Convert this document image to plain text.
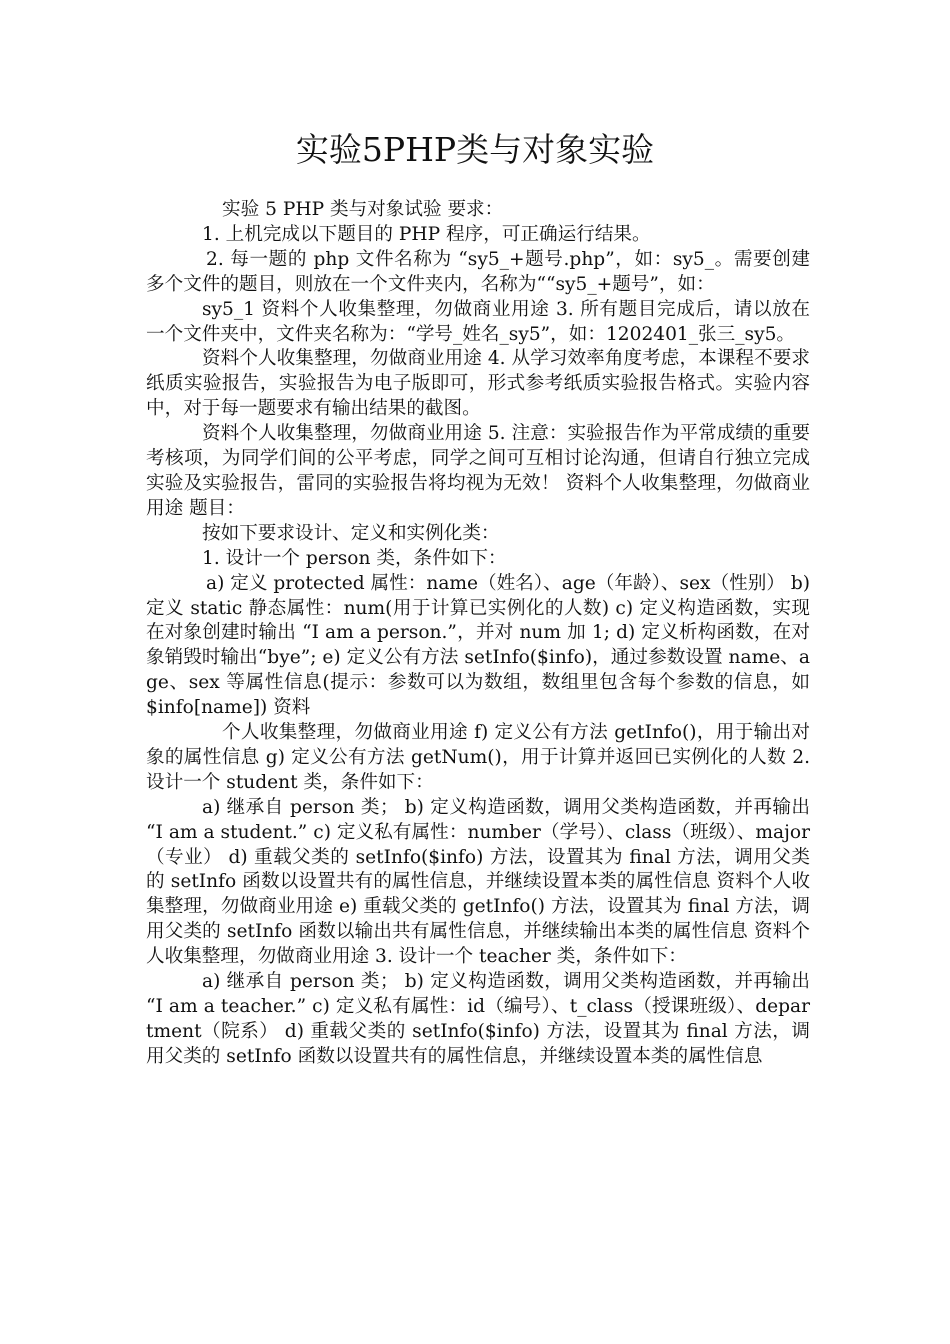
实验5PHP类与对象实验

实验 5 PHP 类与对象试验 要求：

1. 上机完成以下题目的 PHP 程序，可正确运行结果。

2. 每一题的 php 文件名称为 “sy5_+题号.php”，如：sy5_。需要创建多个文件的题目，则放在一个文件夹内，名称为““sy5_+题号”，如：

sy5_1 资料个人收集整理，勿做商业用途 3. 所有题目完成后，请以放在一个文件夹中，文件夹名称为：“学号_姓名_sy5”，如：1202401_张三_sy5。

资料个人收集整理，勿做商业用途 4. 从学习效率角度考虑，本课程不要求纸质实验报告，实验报告为电子版即可，形式参考纸质实验报告格式。实验内容中，对于每一题要求有输出结果的截图。

资料个人收集整理，勿做商业用途 5. 注意：实验报告作为平常成绩的重要考核项，为同学们间的公平考虑，同学之间可互相讨论沟通，但请自行独立完成实验及实验报告，雷同的实验报告将均视为无效！ 资料个人收集整理，勿做商业用途 题目：

按如下要求设计、定义和实例化类：

1. 设计一个 person 类，条件如下：

a) 定义 protected 属性：name（姓名）、age（年龄）、sex（性别） b) 定义 static 静态属性：num(用于计算已实例化的人数) c) 定义构造函数，实现在对象创建时输出 “I am a person.”，并对 num 加 1; d) 定义析构函数，在对象销毁时输出“bye”; e) 定义公有方法 setInfo($info)，通过参数设置 name、age、sex 等属性信息(提示：参数可以为数组，数组里包含每个参数的信息，如 $info[name]) 资料

个人收集整理，勿做商业用途 f) 定义公有方法 getInfo()，用于输出对象的属性信息 g) 定义公有方法 getNum()，用于计算并返回已实例化的人数 2. 设计一个 student 类，条件如下：

a) 继承自 person 类； b) 定义构造函数，调用父类构造函数，并再输出 “I am a student.” c) 定义私有属性：number（学号）、class（班级）、major（专业） d) 重载父类的 setInfo($info) 方法，设置其为 final 方法，调用父类的 setInfo 函数以设置共有的属性信息，并继续设置本类的属性信息 资料个人收集整理，勿做商业用途 e) 重载父类的 getInfo() 方法，设置其为 final 方法，调用父类的 setInfo 函数以输出共有属性信息，并继续输出本类的属性信息 资料个人收集整理，勿做商业用途 3. 设计一个 teacher 类，条件如下：

a) 继承自 person 类； b) 定义构造函数，调用父类构造函数，并再输出 “I am a teacher.” c) 定义私有属性：id（编号）、t_class（授课班级）、department（院系） d) 重载父类的 setInfo($info) 方法，设置其为 final 方法，调用父类的 setInfo 函数以设置共有的属性信息，并继续设置本类的属性信息
